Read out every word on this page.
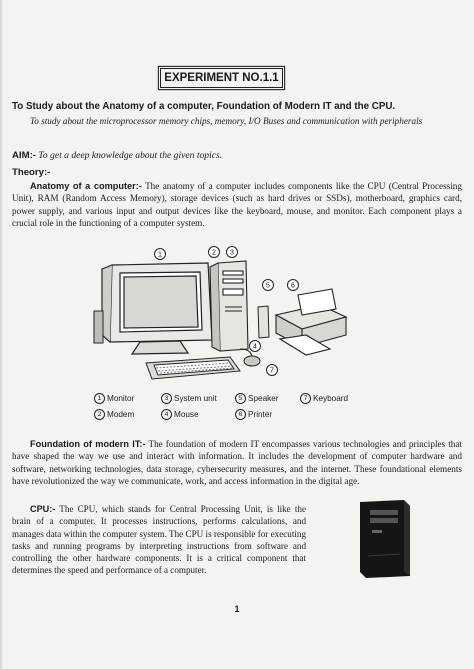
EXPERIMENT NO.1.1
To Study about the Anatomy of a computer, Foundation of Modern IT and the CPU.
To study about the microprocessor memory chips, memory, I/O Buses and communication with peripherals
AIM:- To get a deep knowledge about the given topics.
Theory:-
Anatomy of a computer:- The anatomy of a computer includes components like the CPU (Central Processing Unit), RAM (Random Access Memory), storage devices (such as hard drives or SSDs), motherboard, graphics card, power supply, and various input and output devices like the keyboard, mouse, and monitor. Each component plays a crucial role in the functioning of a computer system.
1	2 3
4
5	6
7
1 Monitor	3 System unit	5 Speaker	7 Keyboard
2 Modem	4 Mouse	6 Printer
Foundation of modern IT:- The foundation of modern IT encompasses various technologies and principles that have shaped the way we use and interact with information. It includes the development of computer hardware and software, networking technologies, data storage, cybersecurity measures, and the internet. These foundational elements have revolutionized the way we communicate, work, and access information in the digital age.
CPU:- The CPU, which stands for Central Processing Unit, is like the brain of a computer. It processes instructions, performs calculations, and manages data within the computer system. The CPU is responsible for executing tasks and running programs by interpreting instructions from software and controlling the other hardware components. It is a critical component that determines the speed and performance of a computer.
1
